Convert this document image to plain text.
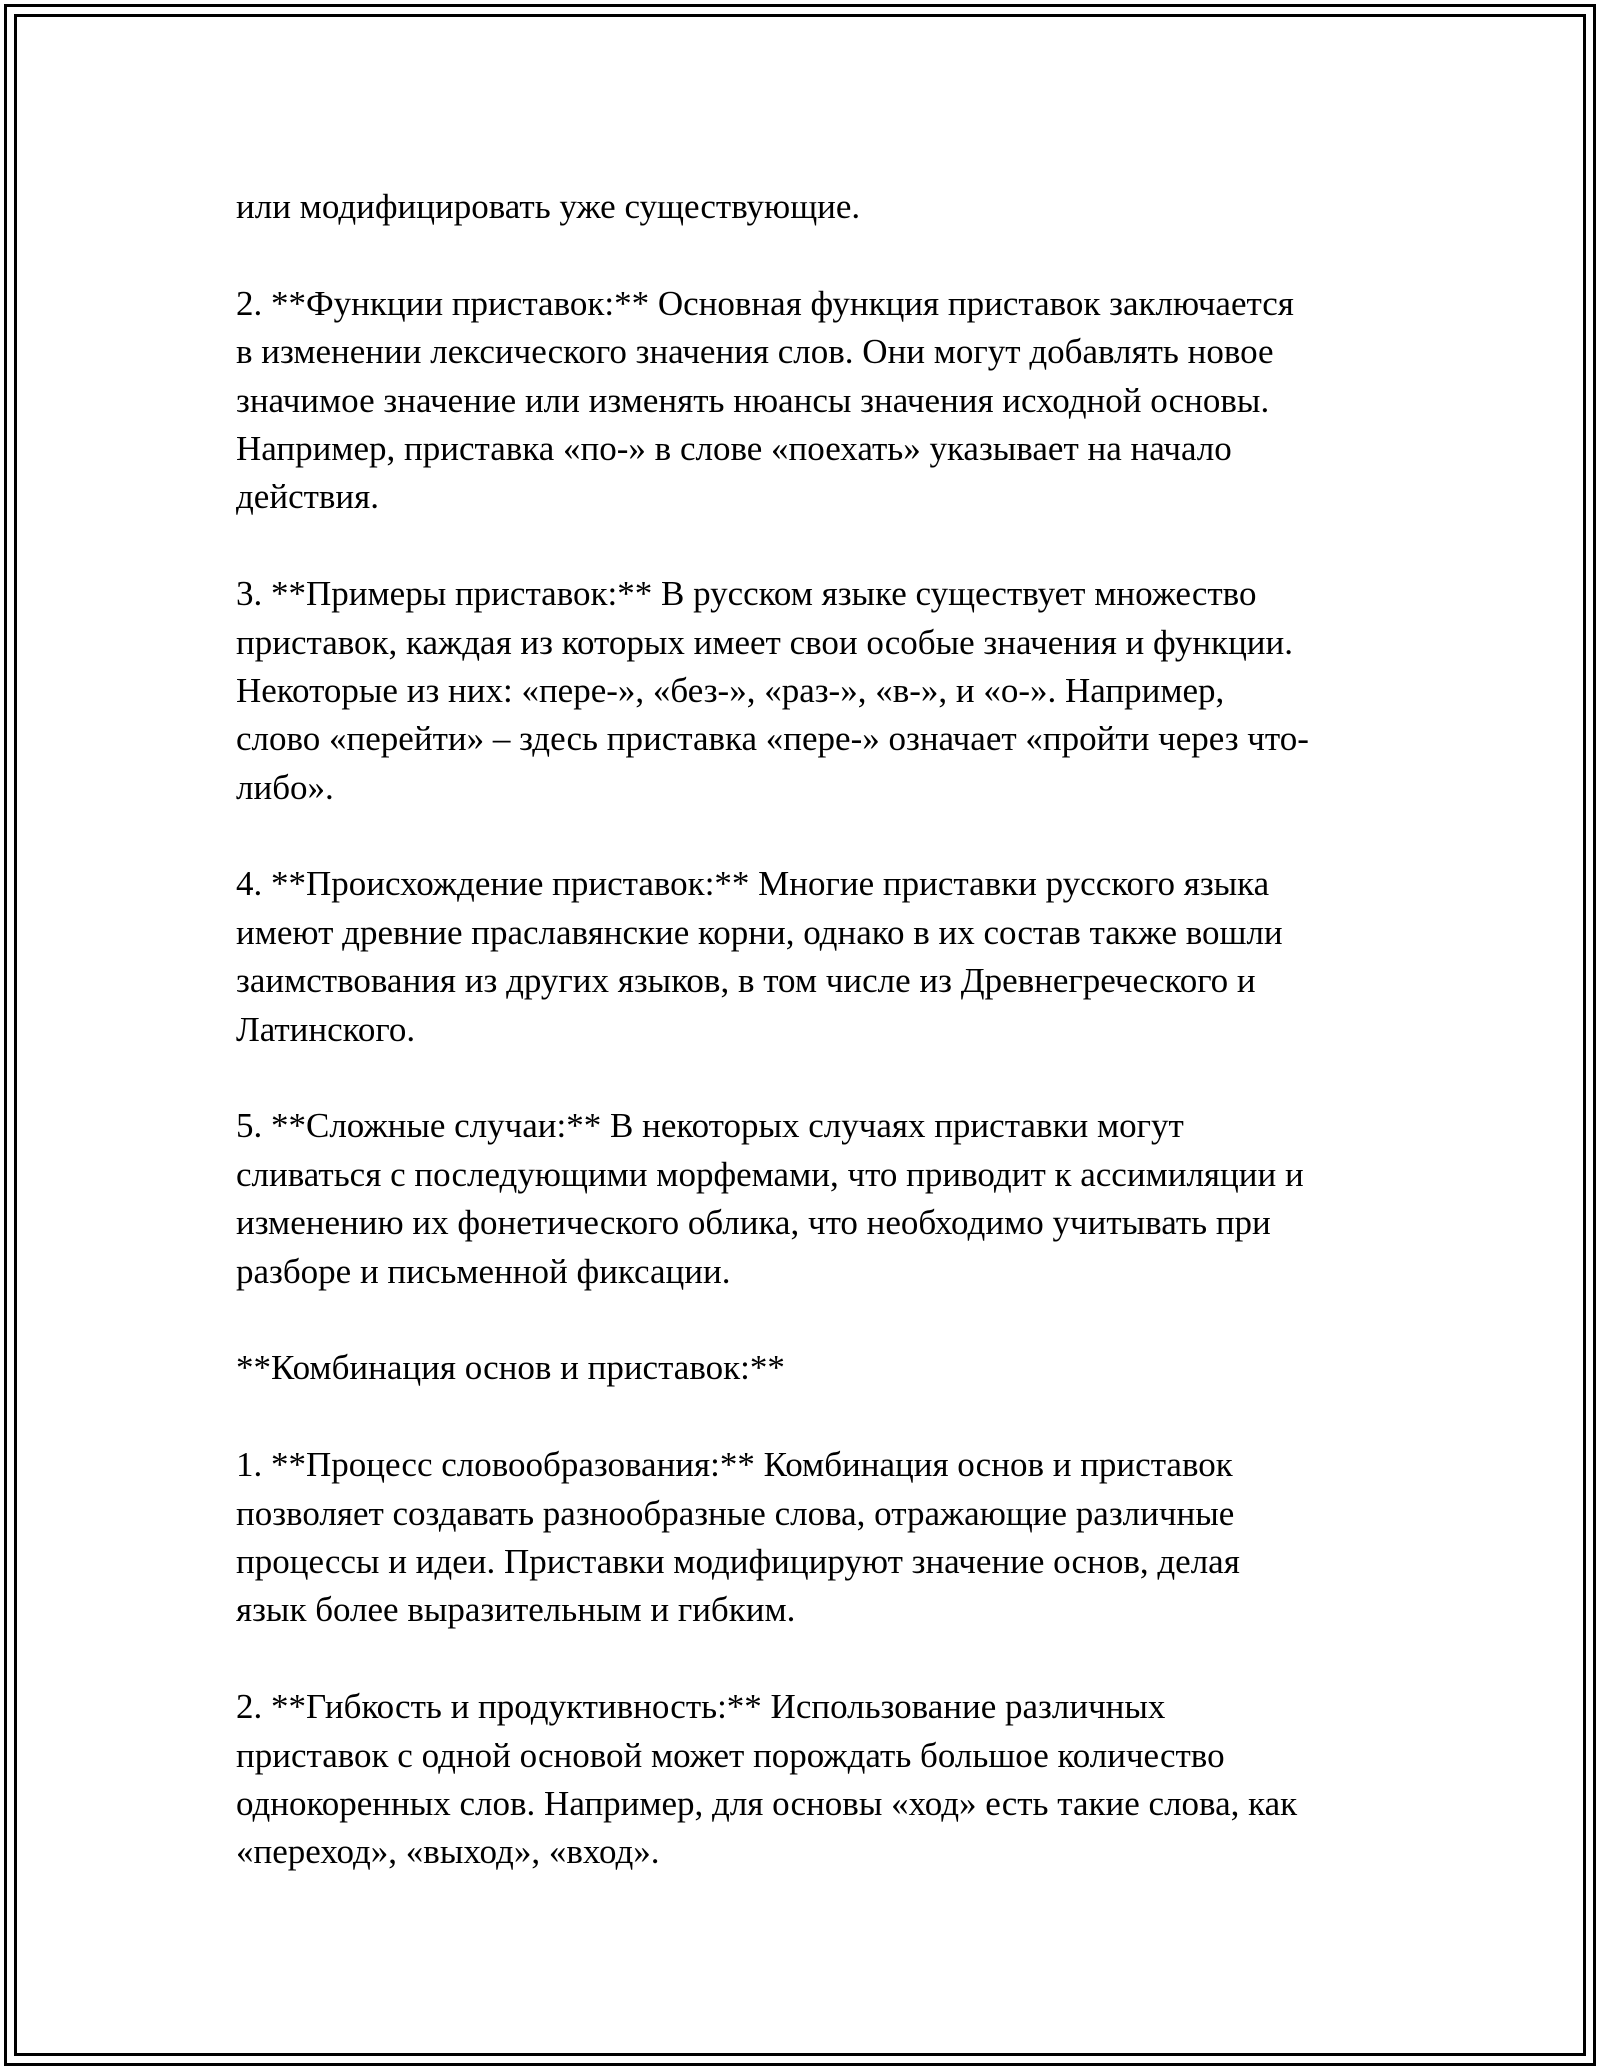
или модифицировать уже существующие.
2. **Функции приставок:** Основная функция приставок заключается
в изменении лексического значения слов. Они могут добавлять новое
значимое значение или изменять нюансы значения исходной основы.
Например, приставка «по-» в слове «поехать» указывает на начало
действия.
3. **Примеры приставок:** В русском языке существует множество
приставок, каждая из которых имеет свои особые значения и функции.
Некоторые из них: «пере-», «без-», «раз-», «в-», и «о-». Например,
слово «перейти» – здесь приставка «пере-» означает «пройти через что-
либо».
4. **Происхождение приставок:** Многие приставки русского языка
имеют древние праславянские корни, однако в их состав также вошли
заимствования из других языков, в том числе из Древнегреческого и
Латинского.
5. **Сложные случаи:** В некоторых случаях приставки могут
сливаться с последующими морфемами, что приводит к ассимиляции и
изменению их фонетического облика, что необходимо учитывать при
разборе и письменной фиксации.
**Комбинация основ и приставок:**
1. **Процесс словообразования:** Комбинация основ и приставок
позволяет создавать разнообразные слова, отражающие различные
процессы и идеи. Приставки модифицируют значение основ, делая
язык более выразительным и гибким.
2. **Гибкость и продуктивность:** Использование различных
приставок с одной основой может порождать большое количество
однокоренных слов. Например, для основы «ход» есть такие слова, как
«переход», «выход», «вход».
